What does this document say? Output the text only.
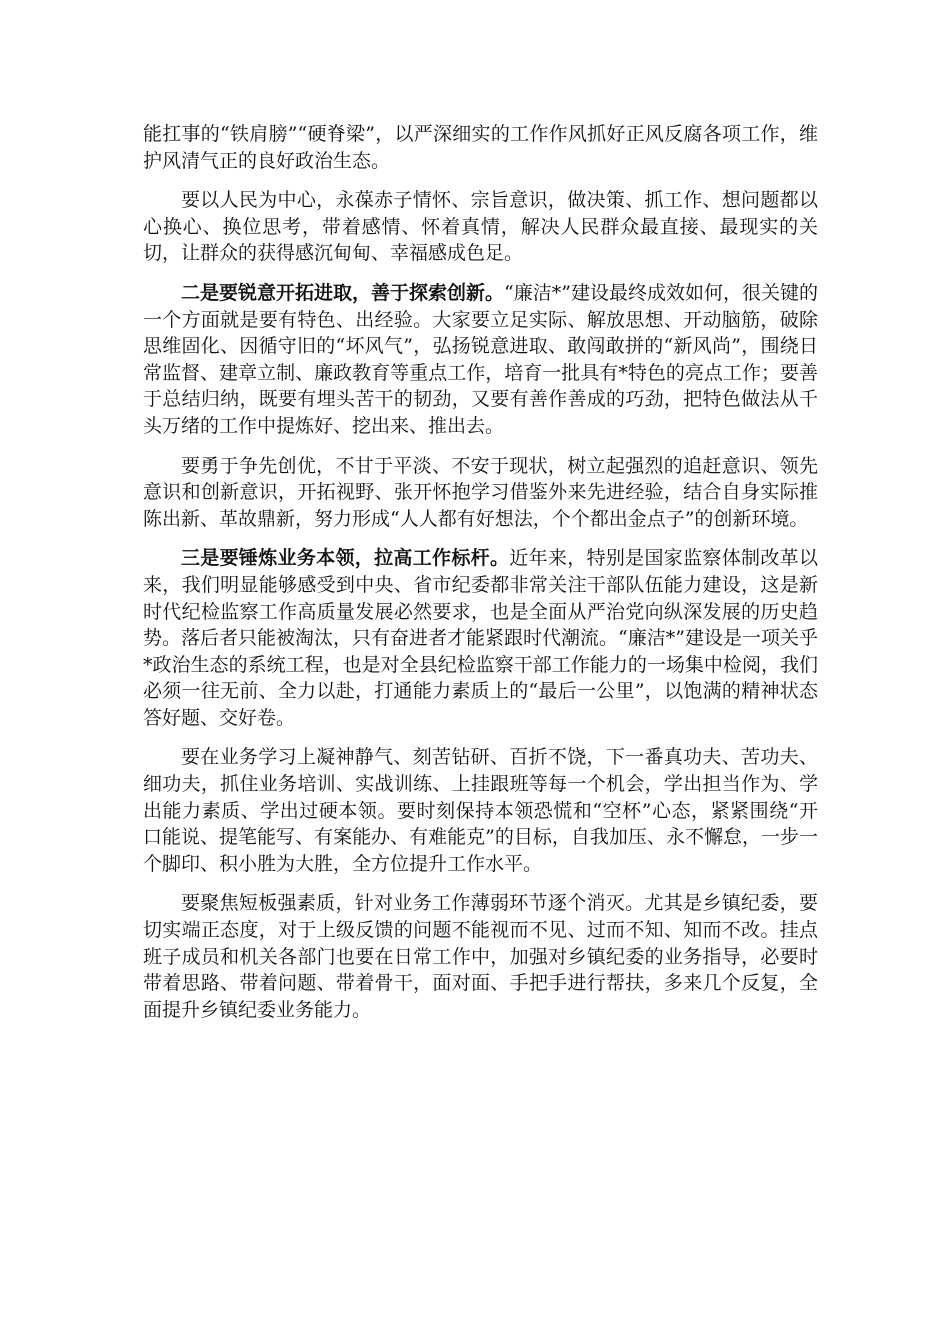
能扛事的“铁肩膀”“硬脊梁”，以严深细实的工作作风抓好正风反腐各项工作，维护风清气正的良好政治生态。

要以人民为中心，永葆赤子情怀、宗旨意识，做决策、抓工作、想问题都以心换心、换位思考，带着感情、怀着真情，解决人民群众最直接、最现实的关切，让群众的获得感沉甸甸、幸福感成色足。

二是要锐意开拓进取，善于探索创新。“廉洁*”建设最终成效如何，很关键的一个方面就是要有特色、出经验。大家要立足实际、解放思想、开动脑筋，破除思维固化、因循守旧的“坏风气”，弘扬锐意进取、敢闯敢拼的“新风尚”，围绕日常监督、建章立制、廉政教育等重点工作，培育一批具有*特色的亮点工作；要善于总结归纳，既要有埋头苦干的韧劲，又要有善作善成的巧劲，把特色做法从千头万绪的工作中提炼好、挖出来、推出去。

要勇于争先创优，不甘于平淡、不安于现状，树立起强烈的追赶意识、领先意识和创新意识，开拓视野、张开怀抱学习借鉴外来先进经验，结合自身实际推陈出新、革故鼎新，努力形成“人人都有好想法，个个都出金点子”的创新环境。

三是要锤炼业务本领，拉高工作标杆。近年来，特别是国家监察体制改革以来，我们明显能够感受到中央、省市纪委都非常关注干部队伍能力建设，这是新时代纪检监察工作高质量发展必然要求，也是全面从严治党向纵深发展的历史趋势。落后者只能被淘汰，只有奋进者才能紧跟时代潮流。“廉洁*”建设是一项关乎*政治生态的系统工程，也是对全县纪检监察干部工作能力的一场集中检阅，我们必须一往无前、全力以赴，打通能力素质上的“最后一公里”，以饱满的精神状态答好题、交好卷。

要在业务学习上凝神静气、刻苦钻研、百折不饶，下一番真功夫、苦功夫、细功夫，抓住业务培训、实战训练、上挂跟班等每一个机会，学出担当作为、学出能力素质、学出过硬本领。要时刻保持本领恐慌和“空杯”心态，紧紧围绕“开口能说、提笔能写、有案能办、有难能克”的目标，自我加压、永不懈怠，一步一个脚印、积小胜为大胜，全方位提升工作水平。

要聚焦短板强素质，针对业务工作薄弱环节逐个消灭。尤其是乡镇纪委，要切实端正态度，对于上级反馈的问题不能视而不见、过而不知、知而不改。挂点班子成员和机关各部门也要在日常工作中，加强对乡镇纪委的业务指导，必要时带着思路、带着问题、带着骨干，面对面、手把手进行帮扶，多来几个反复，全面提升乡镇纪委业务能力。
